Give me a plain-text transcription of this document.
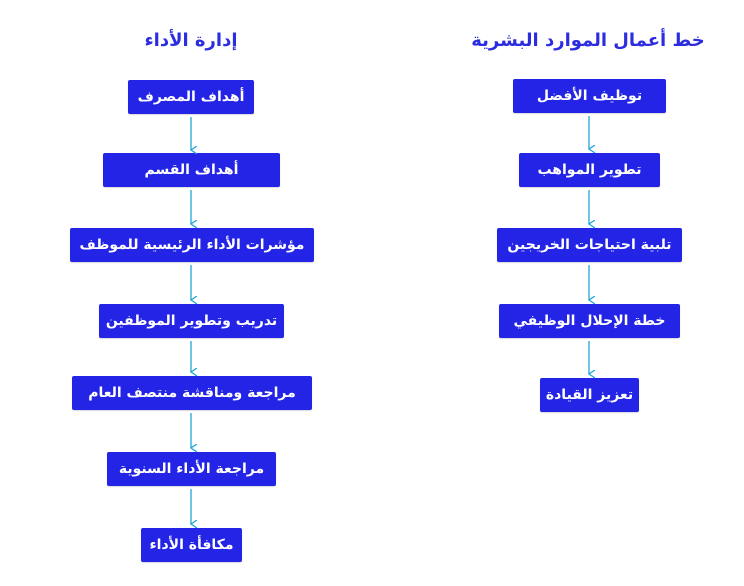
إدارة الأداء	خط أعمال الموارد البشرية
أهداف المصرف
أهداف القسم
مؤشرات الأداء الرئيسية للموظف
تدريب وتطوير الموظفين
مراجعة ومناقشة منتصف العام
مراجعة الأداء السنوية
مكافأة الأداء
توظيف الأفضل
تطوير المواهب
تلبية احتياجات الخريجين
خطة الإحلال الوظيفي
تعزيز القيادة
